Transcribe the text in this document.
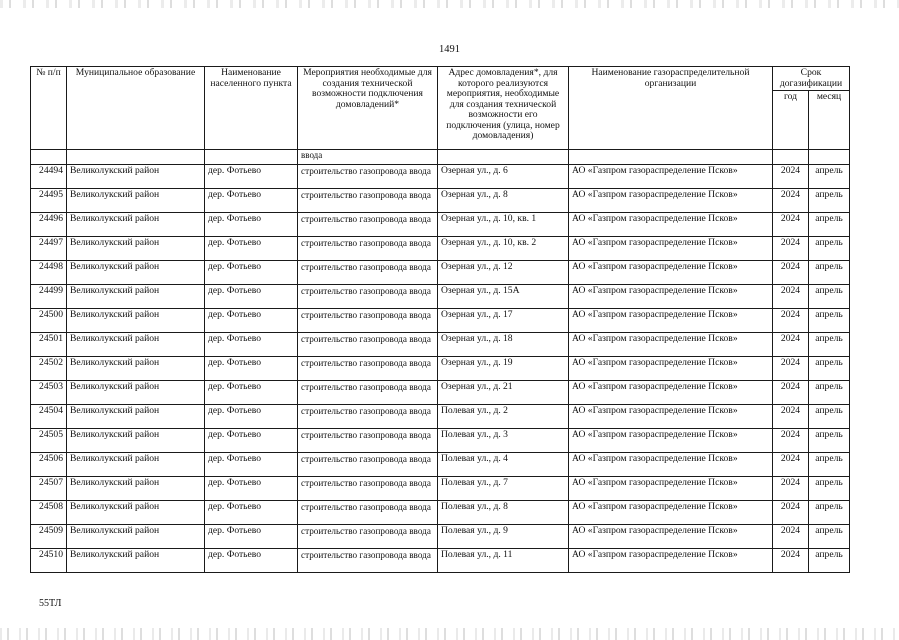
1491
№ п/п	Муниципальное образование	Наименование населенного пункта	Мероприятия необходимые для создания технической возможности подключения домовладений*	Адрес домовладения*, для которого реализуются мероприятия, необходимые для создания технической возможности его подключения (улица, номер домовладения)	Наименование газораспределительной организации	Срок догазификации	
						год	месяц
			ввода				
24494	Великолукский район	дер. Фотьево	строительство газопровода ввода	Озерная ул., д. 6	АО «Газпром газораспределение Псков»	2024	апрель
24495	Великолукский район	дер. Фотьево	строительство газопровода ввода	Озерная ул., д. 8	АО «Газпром газораспределение Псков»	2024	апрель
24496	Великолукский район	дер. Фотьево	строительство газопровода ввода	Озерная ул., д. 10, кв. 1	АО «Газпром газораспределение Псков»	2024	апрель
24497	Великолукский район	дер. Фотьево	строительство газопровода ввода	Озерная ул., д. 10, кв. 2	АО «Газпром газораспределение Псков»	2024	апрель
24498	Великолукский район	дер. Фотьево	строительство газопровода ввода	Озерная ул., д. 12	АО «Газпром газораспределение Псков»	2024	апрель
24499	Великолукский район	дер. Фотьево	строительство газопровода ввода	Озерная ул., д. 15А	АО «Газпром газораспределение Псков»	2024	апрель
24500	Великолукский район	дер. Фотьево	строительство газопровода ввода	Озерная ул., д. 17	АО «Газпром газораспределение Псков»	2024	апрель
24501	Великолукский район	дер. Фотьево	строительство газопровода ввода	Озерная ул., д. 18	АО «Газпром газораспределение Псков»	2024	апрель
24502	Великолукский район	дер. Фотьево	строительство газопровода ввода	Озерная ул., д. 19	АО «Газпром газораспределение Псков»	2024	апрель
24503	Великолукский район	дер. Фотьево	строительство газопровода ввода	Озерная ул., д. 21	АО «Газпром газораспределение Псков»	2024	апрель
24504	Великолукский район	дер. Фотьево	строительство газопровода ввода	Полевая ул., д. 2	АО «Газпром газораспределение Псков»	2024	апрель
24505	Великолукский район	дер. Фотьево	строительство газопровода ввода	Полевая ул., д. 3	АО «Газпром газораспределение Псков»	2024	апрель
24506	Великолукский район	дер. Фотьево	строительство газопровода ввода	Полевая ул., д. 4	АО «Газпром газораспределение Псков»	2024	апрель
24507	Великолукский район	дер. Фотьево	строительство газопровода ввода	Полевая ул., д. 7	АО «Газпром газораспределение Псков»	2024	апрель
24508	Великолукский район	дер. Фотьево	строительство газопровода ввода	Полевая ул., д. 8	АО «Газпром газораспределение Псков»	2024	апрель
24509	Великолукский район	дер. Фотьево	строительство газопровода ввода	Полевая ул., д. 9	АО «Газпром газораспределение Псков»	2024	апрель
24510	Великолукский район	дер. Фотьево	строительство газопровода ввода	Полевая ул., д. 11	АО «Газпром газораспределение Псков»	2024	апрель
55ТЛ
